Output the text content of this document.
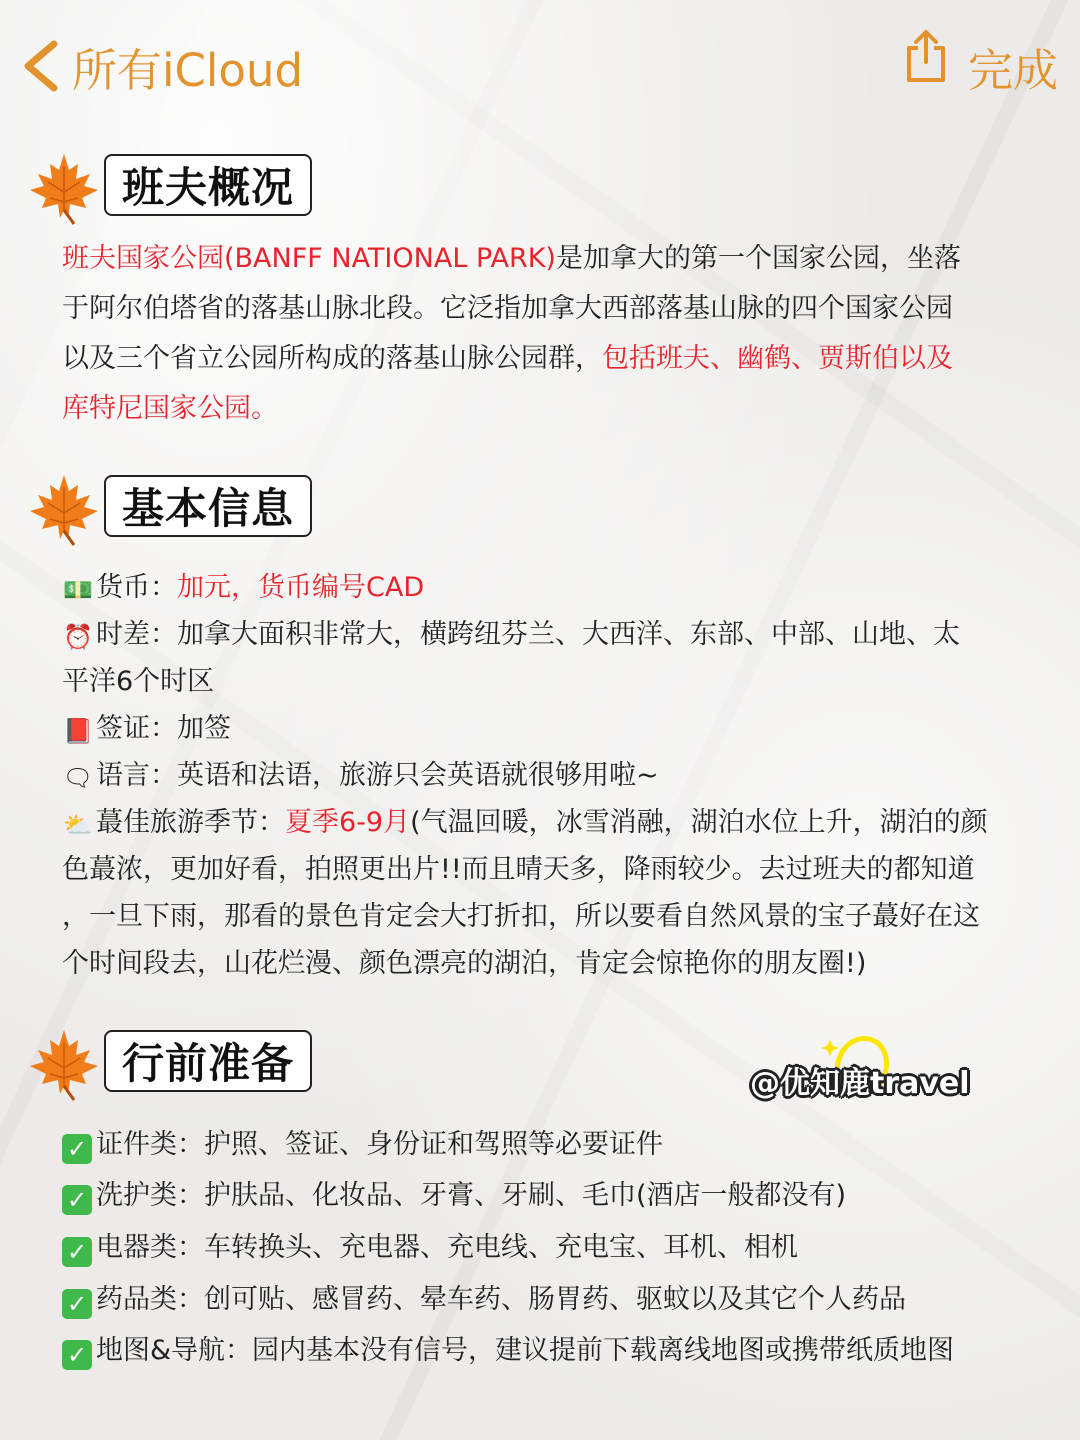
所有iCloud	完成
班夫概况
班夫国家公园(BANFF NATIONAL PARK)是加拿大的第一个国家公园，坐落
于阿尔伯塔省的落基山脉北段。它泛指加拿大西部落基山脉的四个国家公园
以及三个省立公园所构成的落基山脉公园群，包括班夫、幽鹤、贾斯伯以及
库特尼国家公园。
基本信息
💵 货币：加元，货币编号CAD
⏰ 时差：加拿大面积非常大，横跨纽芬兰、大西洋、东部、中部、山地、太
平洋6个时区
📕 签证：加签
🗨 语言：英语和法语，旅游只会英语就很够用啦~
⛅ 蕞佳旅游季节：夏季6-9月(气温回暖，冰雪消融，湖泊水位上升，湖泊的颜
色蕞浓，更加好看，拍照更出片!!而且晴天多，降雨较少。去过班夫的都知道
，一旦下雨，那看的景色肯定会大打折扣，所以要看自然风景的宝子蕞好在这
个时间段去，山花烂漫、颜色漂亮的湖泊，肯定会惊艳你的朋友圈!)
行前准备	@优知鹿travel
✓ 证件类：护照、签证、身份证和驾照等必要证件
✓ 洗护类：护肤品、化妆品、牙膏、牙刷、毛巾(酒店一般都没有)
✓ 电器类：车转换头、充电器、充电线、充电宝、耳机、相机
✓ 药品类：创可贴、感冒药、晕车药、肠胃药、驱蚊以及其它个人药品
✓ 地图&导航：园内基本没有信号，建议提前下载离线地图或携带纸质地图
